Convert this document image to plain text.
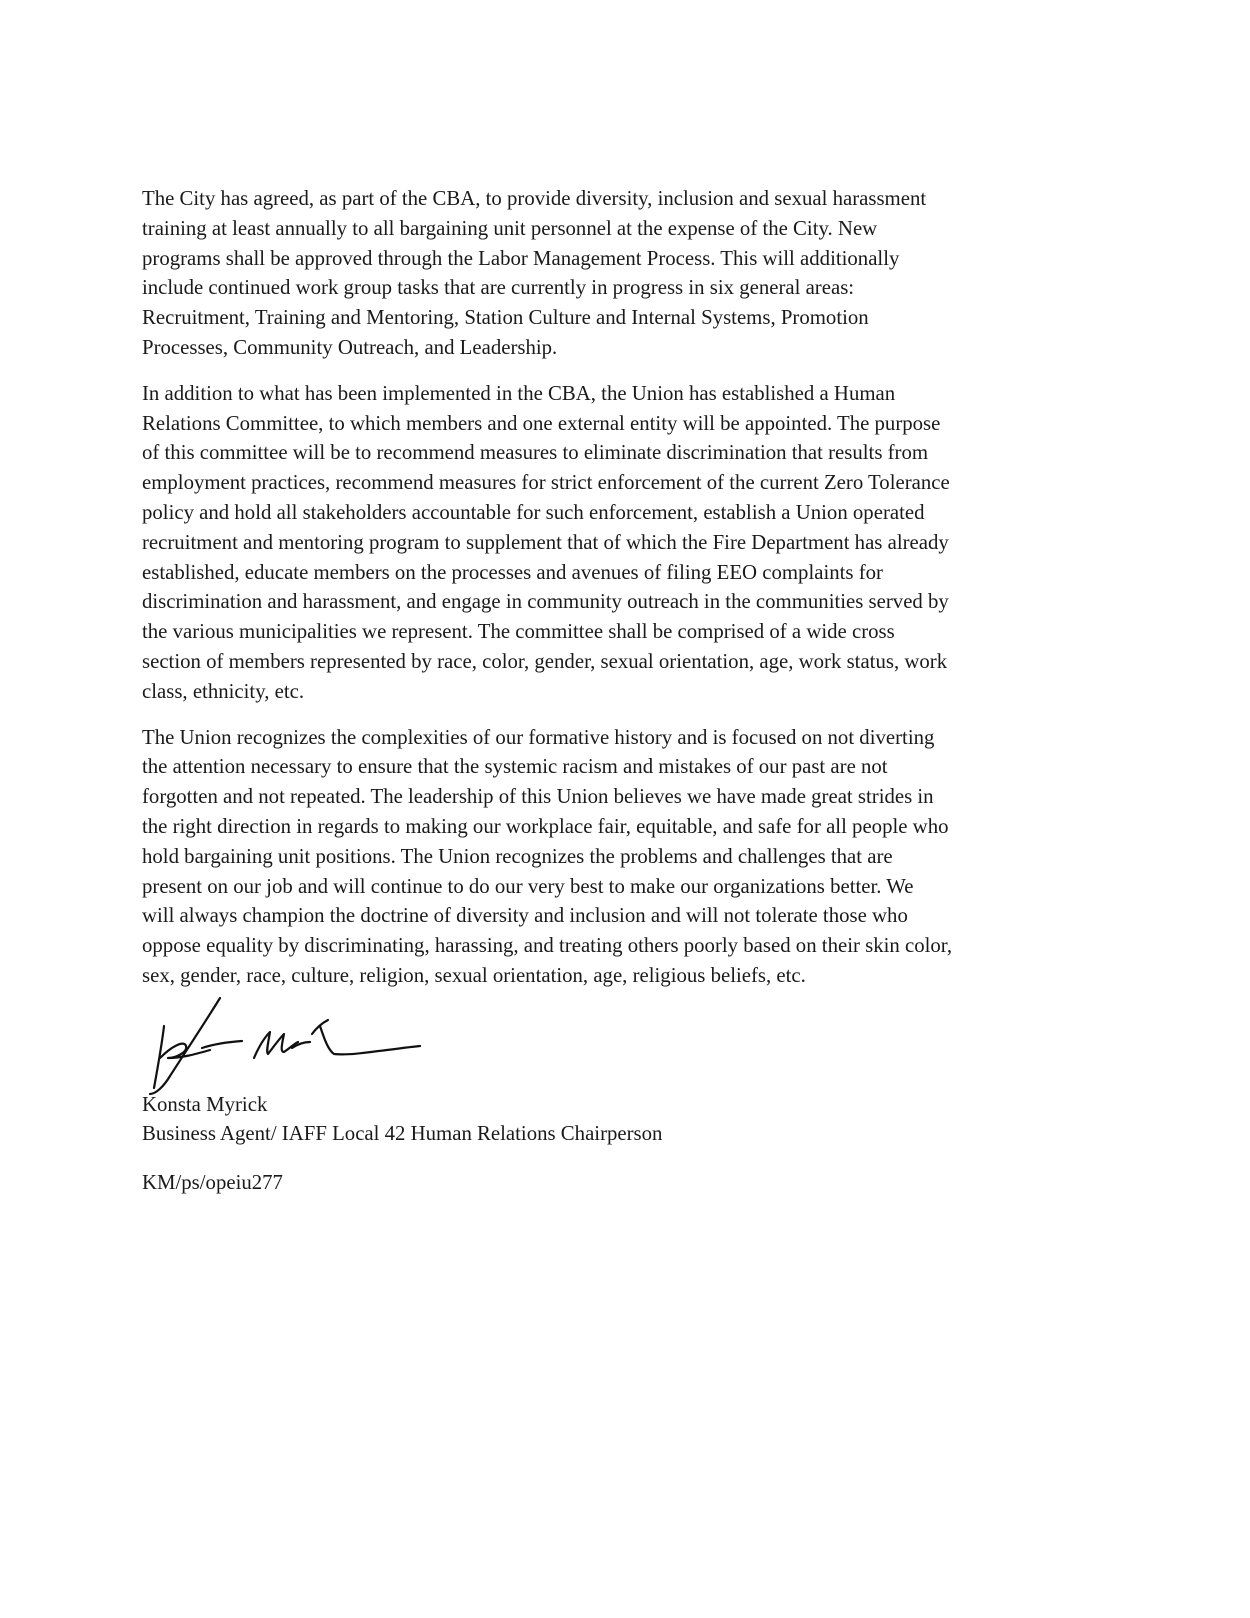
The City has agreed, as part of the CBA, to provide diversity, inclusion and sexual harassment
training at least annually to all bargaining unit personnel at the expense of the City. New
programs shall be approved through the Labor Management Process. This will additionally
include continued work group tasks that are currently in progress in six general areas:
Recruitment, Training and Mentoring, Station Culture and Internal Systems, Promotion
Processes, Community Outreach, and Leadership.

In addition to what has been implemented in the CBA, the Union has established a Human
Relations Committee, to which members and one external entity will be appointed. The purpose
of this committee will be to recommend measures to eliminate discrimination that results from
employment practices, recommend measures for strict enforcement of the current Zero Tolerance
policy and hold all stakeholders accountable for such enforcement, establish a Union operated
recruitment and mentoring program to supplement that of which the Fire Department has already
established, educate members on the processes and avenues of filing EEO complaints for
discrimination and harassment, and engage in community outreach in the communities served by
the various municipalities we represent. The committee shall be comprised of a wide cross
section of members represented by race, color, gender, sexual orientation, age, work status, work
class, ethnicity, etc.

The Union recognizes the complexities of our formative history and is focused on not diverting
the attention necessary to ensure that the systemic racism and mistakes of our past are not
forgotten and not repeated. The leadership of this Union believes we have made great strides in
the right direction in regards to making our workplace fair, equitable, and safe for all people who
hold bargaining unit positions. The Union recognizes the problems and challenges that are
present on our job and will continue to do our very best to make our organizations better. We
will always champion the doctrine of diversity and inclusion and will not tolerate those who
oppose equality by discriminating, harassing, and treating others poorly based on their skin color,
sex, gender, race, culture, religion, sexual orientation, age, religious beliefs, etc.

Konsta Myrick
Business Agent/ IAFF Local 42 Human Relations Chairperson
KM/ps/opeiu277
